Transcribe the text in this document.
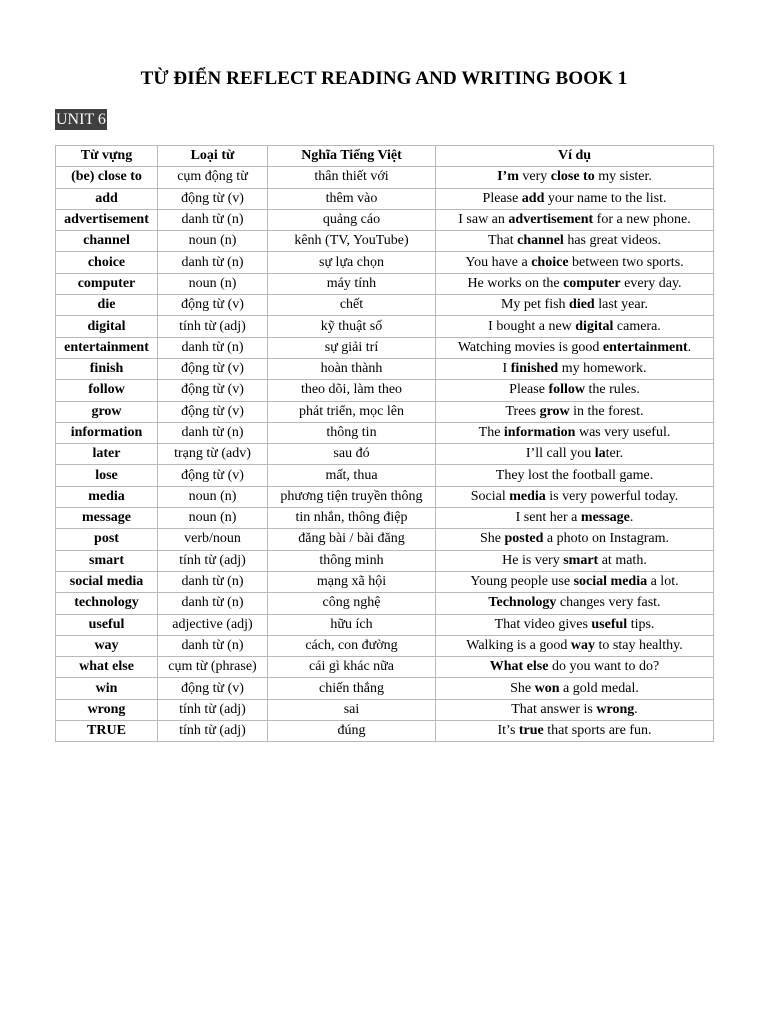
TỪ ĐIỂN REFLECT READING AND WRITING BOOK 1
UNIT 6
Từ vựng	Loại từ	Nghĩa Tiếng Việt	Ví dụ
(be) close to	cụm động từ	thân thiết với	I’m very close to my sister.
add	động từ (v)	thêm vào	Please add your name to the list.
advertisement	danh từ (n)	quảng cáo	I saw an advertisement for a new phone.
channel	noun (n)	kênh (TV, YouTube)	That channel has great videos.
choice	danh từ (n)	sự lựa chọn	You have a choice between two sports.
computer	noun (n)	máy tính	He works on the computer every day.
die	động từ (v)	chết	My pet fish died last year.
digital	tính từ (adj)	kỹ thuật số	I bought a new digital camera.
entertainment	danh từ (n)	sự giải trí	Watching movies is good entertainment.
finish	động từ (v)	hoàn thành	I finished my homework.
follow	động từ (v)	theo dõi, làm theo	Please follow the rules.
grow	động từ (v)	phát triển, mọc lên	Trees grow in the forest.
information	danh từ (n)	thông tin	The information was very useful.
later	trạng từ (adv)	sau đó	I’ll call you later.
lose	động từ (v)	mất, thua	They lost the football game.
media	noun (n)	phương tiện truyền thông	Social media is very powerful today.
message	noun (n)	tin nhắn, thông điệp	I sent her a message.
post	verb/noun	đăng bài / bài đăng	She posted a photo on Instagram.
smart	tính từ (adj)	thông minh	He is very smart at math.
social media	danh từ (n)	mạng xã hội	Young people use social media a lot.
technology	danh từ (n)	công nghệ	Technology changes very fast.
useful	adjective (adj)	hữu ích	That video gives useful tips.
way	danh từ (n)	cách, con đường	Walking is a good way to stay healthy.
what else	cụm từ (phrase)	cái gì khác nữa	What else do you want to do?
win	động từ (v)	chiến thắng	She won a gold medal.
wrong	tính từ (adj)	sai	That answer is wrong.
TRUE	tính từ (adj)	đúng	It’s true that sports are fun.
